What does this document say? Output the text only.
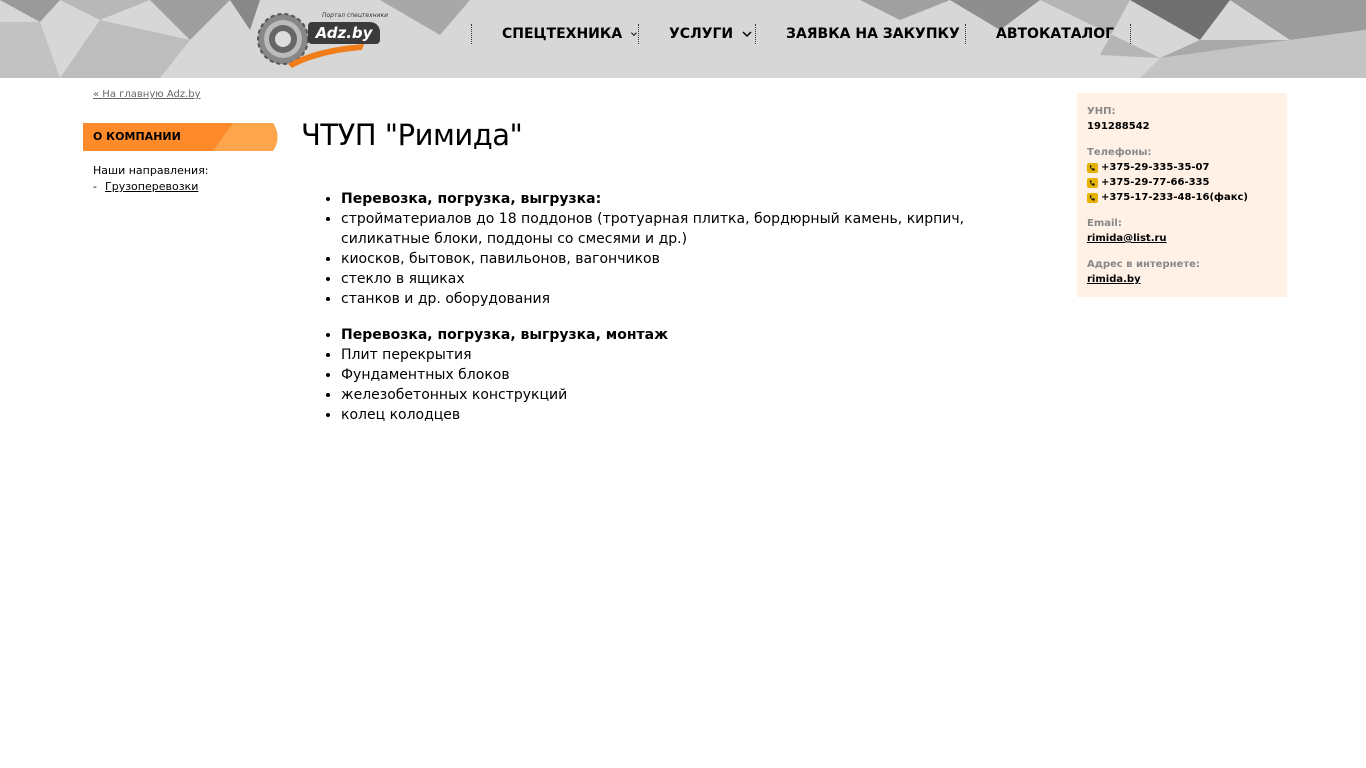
Портал спецтехники
Adz.by	СПЕЦТЕХНИКА	УСЛУГИ	ЗАЯВКА НА ЗАКУПКУ	АВТОКАТАЛОГ
« На главную Adz.by
О КОМПАНИИ
Наши направления:
- Грузоперевозки
ЧТУП "Римида"
• Перевозка, погрузка, выгрузка:
• стройматериалов до 18 поддонов (тротуарная плитка, бордюрный камень, кирпич, силикатные блоки, поддоны со смесями и др.)
• киосков, бытовок, павильонов, вагончиков
• стекло в ящиках
• станков и др. оборудования
• Перевозка, погрузка, выгрузка, монтаж
• Плит перекрытия
• Фундаментных блоков
• железобетонных конструкций
• колец колодцев
УНП:
191288542
Телефоны:
+375-29-335-35-07
+375-29-77-66-335
+375-17-233-48-16(факс)
Email:
rimida@list.ru
Адрес в интернете:
rimida.by
